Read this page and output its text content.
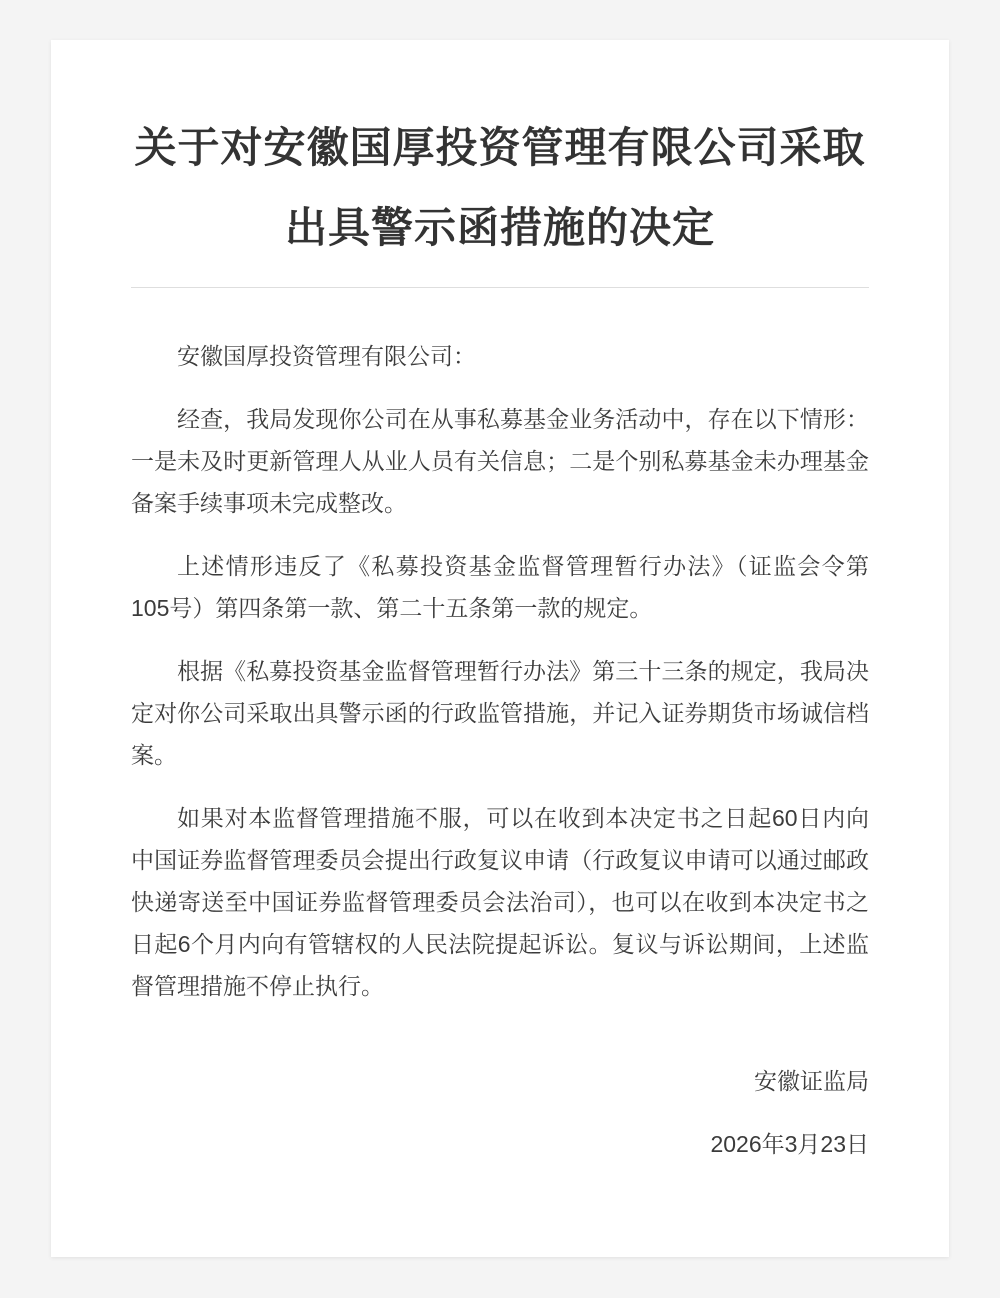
关于对安徽国厚投资管理有限公司采取出具警示函措施的决定

安徽国厚投资管理有限公司：

经查，我局发现你公司在从事私募基金业务活动中，存在以下情形：一是未及时更新管理人从业人员有关信息；二是个别私募基金未办理基金备案手续事项未完成整改。

上述情形违反了《私募投资基金监督管理暂行办法》（证监会令第105号）第四条第一款、第二十五条第一款的规定。

根据《私募投资基金监督管理暂行办法》第三十三条的规定，我局决定对你公司采取出具警示函的行政监管措施，并记入证券期货市场诚信档案。

如果对本监督管理措施不服，可以在收到本决定书之日起60日内向中国证券监督管理委员会提出行政复议申请（行政复议申请可以通过邮政快递寄送至中国证券监督管理委员会法治司），也可以在收到本决定书之日起6个月内向有管辖权的人民法院提起诉讼。复议与诉讼期间，上述监督管理措施不停止执行。

安徽证监局

2026年3月23日
